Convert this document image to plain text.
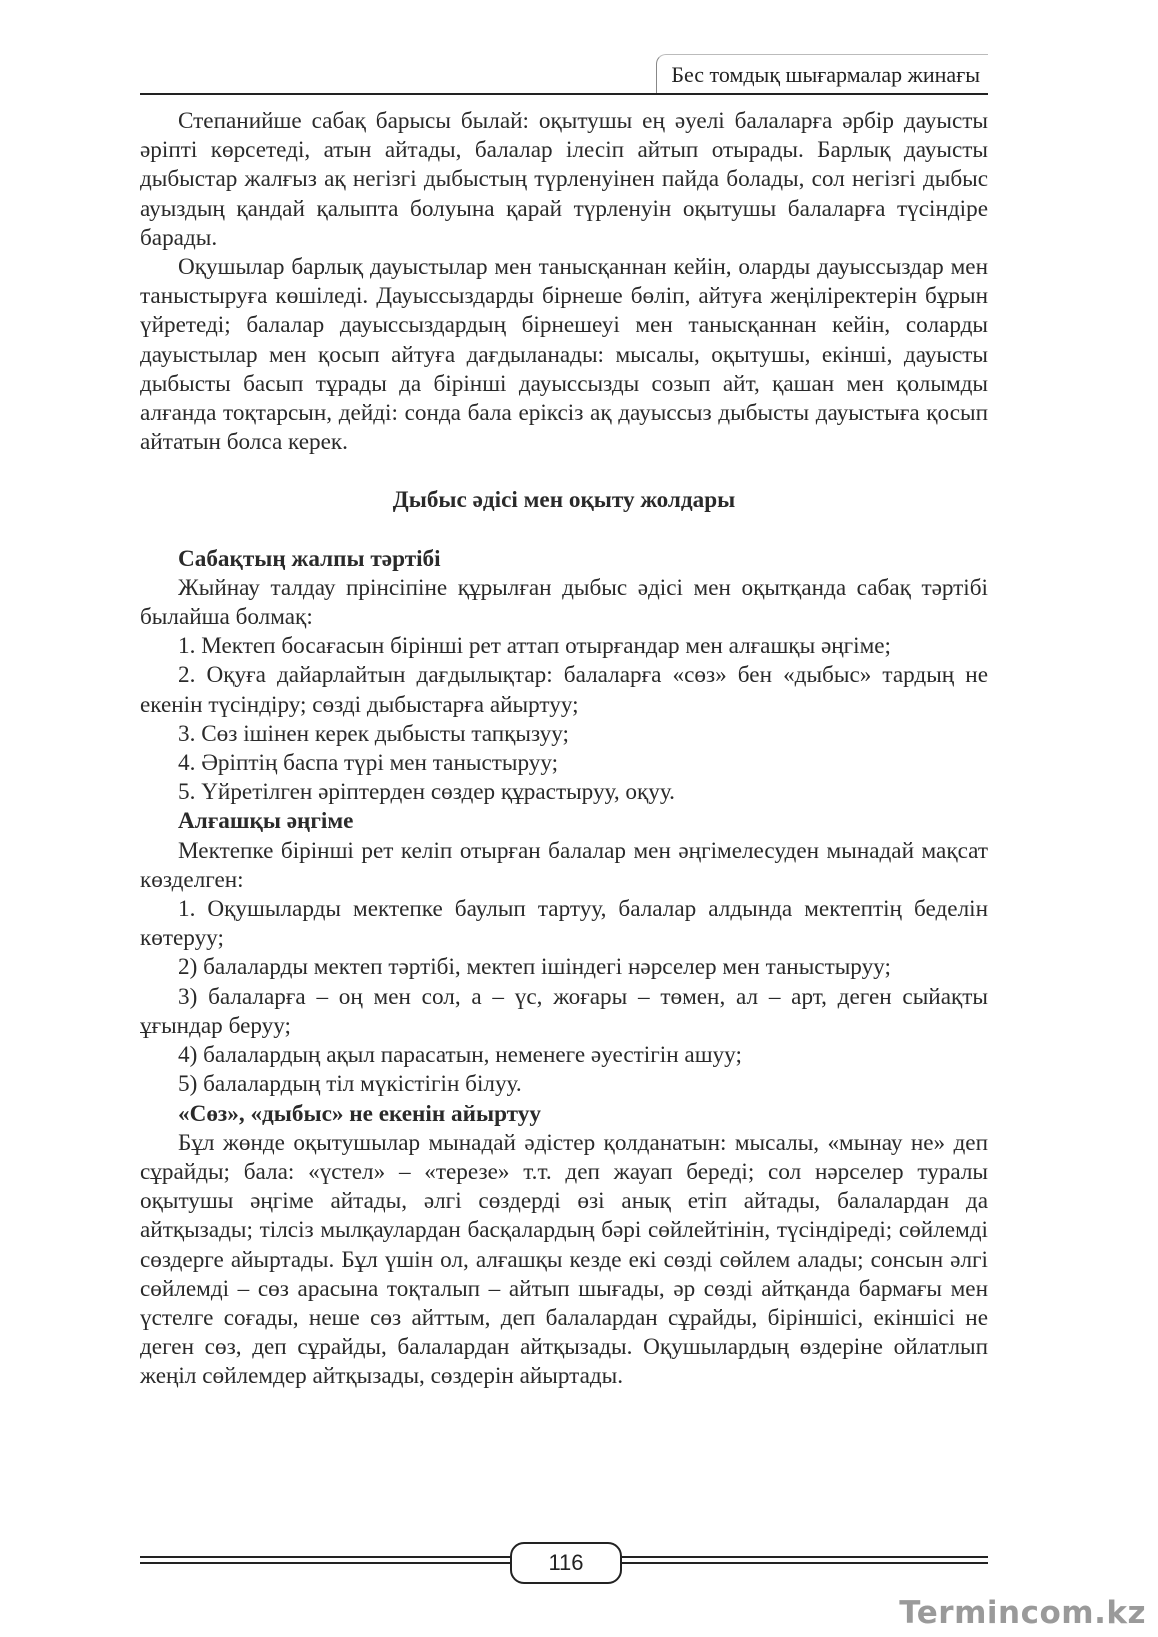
Бес томдық шығармалар жинағы

Степанийше сабақ барысы былай: оқытушы ең әуелі балаларға әрбір дауысты әріпті көрсетеді, атын айтады, балалар ілесіп айтып отырады. Барлық дауысты дыбыстар жалғыз ақ негізгі дыбыстың түрленуінен пайда болады, сол негізгі дыбыс ауыздың қандай қалыпта болуына қарай түрленуін оқытушы балаларға түсіндіре барады.

Оқушылар барлық дауыстылар мен танысқаннан кейін, оларды дауыссыздар мен таныстыруға көшіледі. Дауыссыздарды бірнеше бөліп, айтуға жеңіліректерін бұрын үйретеді; балалар дауыссыздардың бірнешеуі мен танысқаннан кейін, соларды дауыстылар мен қосып айтуға дағдыланады: мысалы, оқытушы, екінші, дауысты дыбысты басып тұрады да бірінші дауыссызды созып айт, қашан мен қолымды алғанда тоқтарсын, дейді: сонда бала еріксіз ақ дауыссыз дыбысты дауыстыға қосып айтатын болса керек.

Дыбыс әдісі мен оқыту жолдары

Сабақтың жалпы тәртібі

Жыйнау талдау прінсіпіне құрылған дыбыс әдісі мен оқытқанда сабақ тәртібі былайша болмақ:

1. Мектеп босағасын бірінші рет аттап отырғандар мен алғашқы әңгіме;

2. Оқуға дайарлайтын дағдылықтар: балаларға «сөз» бен «дыбыс» тардың не екенін түсіндіру; сөзді дыбыстарға айыртуу;

3. Сөз ішінен керек дыбысты тапқызуу;

4. Әріптің баспа түрі мен таныстыруу;

5. Үйретілген әріптерден сөздер құрастыруу, оқуу.

Алғашқы әңгіме

Мектепке бірінші рет келіп отырған балалар мен әңгімелесуден мынадай мақсат көзделген:

1. Оқушыларды мектепке баулып тартуу, балалар алдында мектептің беделін көтеруу;

2) балаларды мектеп тәртібі, мектеп ішіндегі нәрселер мен таныстыруу;

3) балаларға – оң мен сол, а – үс, жоғары – төмен, ал – арт, деген сыйақты ұғындар беруу;

4) балалардың ақыл парасатын, неменеге әуестігін ашуу;

5) балалардың тіл мүкістігін білуу.

«Сөз», «дыбыс» не екенін айыртуу

Бұл жөнде оқытушылар мынадай әдістер қолданатын: мысалы, «мынау не» деп сұрайды; бала: «үстел» – «терезе» т.т. деп жауап береді; сол нәрселер туралы оқытушы әңгіме айтады, әлгі сөздерді өзі анық етіп айтады, балалардан да айтқызады; тілсіз мылқаулардан басқалардың бәрі сөйлейтінін, түсіндіреді; сөйлемді сөздерге айыртады. Бұл үшін ол, алғашқы кезде екі сөзді сөйлем алады; сонсын әлгі сөйлемді – сөз арасына тоқталып – айтып шығады, әр сөзді айтқанда бармағы мен үстелге соғады, неше сөз айттым, деп балалардан сұрайды, біріншісі, екіншісі не деген сөз, деп сұрайды, балалардан айтқызады. Оқушылардың өздеріне ойлатлып жеңіл сөйлемдер айтқызады, сөздерін айыртады.

116
Termincom.kz
